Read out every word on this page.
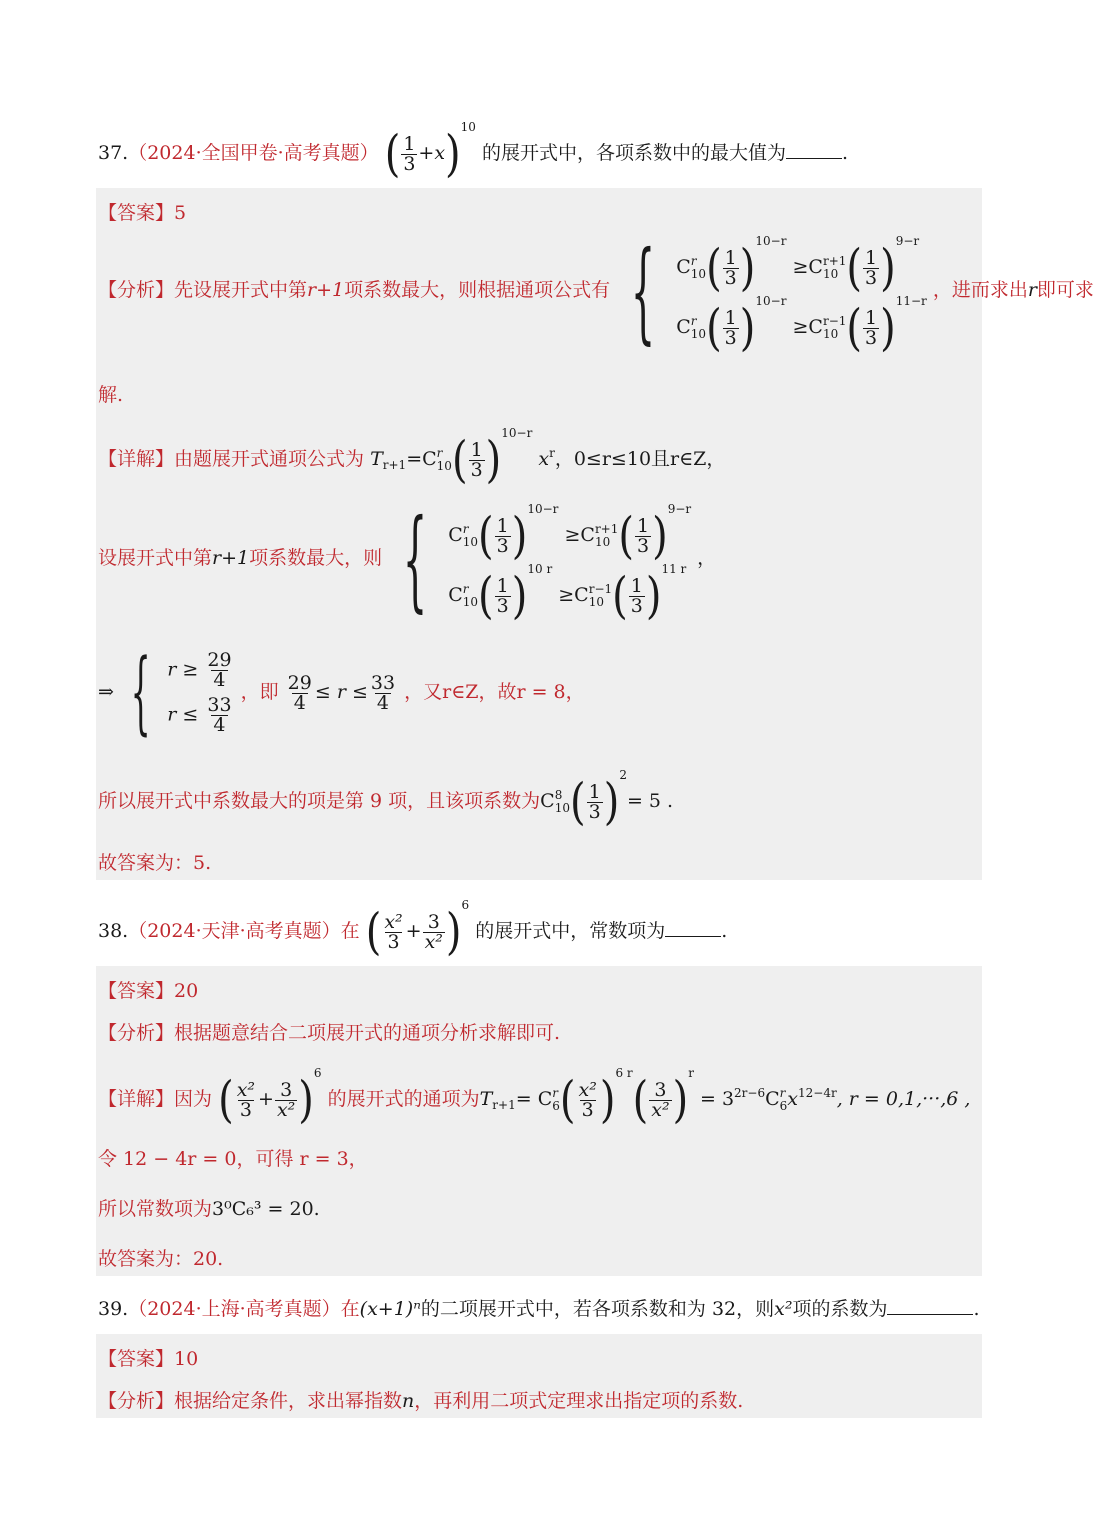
37.（2024·全国甲卷·高考真题） ( $\frac{1}{3} +x)^{10}$ 的展开式中，各项系数中的最大值为	.
【答案】5
【分析】先设展开式中第r+1项系数最大，则根据通项公式有 { C r
10 ( $\frac{1}{3} )^{10-r} \ge C$ r+1
10 ( $\frac{1}{3} )^{9-r}$
C r
10 ( $\frac{1}{3} )^{10-r} \ge C$ r−1
10 ( $\frac{1}{3} )^{11-r}$ ，进而求出r即可求
解.
【详解】由题展开式通项公式为 $T_{r+1}=C$ r
10 ( $\frac{1}{3} )^{10-r}$ $x^r$，0≤r≤10且r∈Z，
设展开式中第r+1项系数最大，则 { C r
10 ( $\frac{1}{3} )^{10-r} \ge C$ r+1
10 ( $\frac{1}{3} )^{9-r}$
C r
10 ( $\frac{1}{3} )^{10 r} \ge C$ r−1
10 ( $\frac{1}{3} )^{11 r}$ ，
⇒ { $r \ge \frac{29}{4}$
$r \le \frac{33}{4}$
，即 $\frac{29}{4} \le r \le \frac{33}{4}$ ，又r∈Z，故r = 8，
所以展开式中系数最大的项是第 9 项，且该项系数为C 8
10 ( $\frac{1}{3} )^2= 5$ .
故答案为：5.
38.（2024·天津·高考真题）在 ( $\frac{\text{x²}}{3} + \frac{3}{\text{x²}} )^6$ 的展开式中，常数项为	.
【答案】20
【分析】根据题意结合二项展开式的通项分析求解即可.
【详解】因为 ( $\frac{\text{x²}}{3} + \frac{3}{\text{x²}} )^6$ 的展开式的通项为$T_{r+1}= C$ r
6 ( $\frac{\text{x²}}{3} )^{6 r}( \frac{3}{\text{x²}} )^r = 3^{2r-6}C$ r
6 $x^{12-4r}$, r = 0,1,···,6 ,
令 12 − 4r = 0，可得 r = 3，
所以常数项为3⁰C₆³ = 20.
故答案为：20.
39.（2024·上海·高考真题）在(x+1)ⁿ的二项展开式中，若各项系数和为 32，则x²项的系数为	.
【答案】10
【分析】根据给定条件，求出幂指数n，再利用二项式定理求出指定项的系数.
